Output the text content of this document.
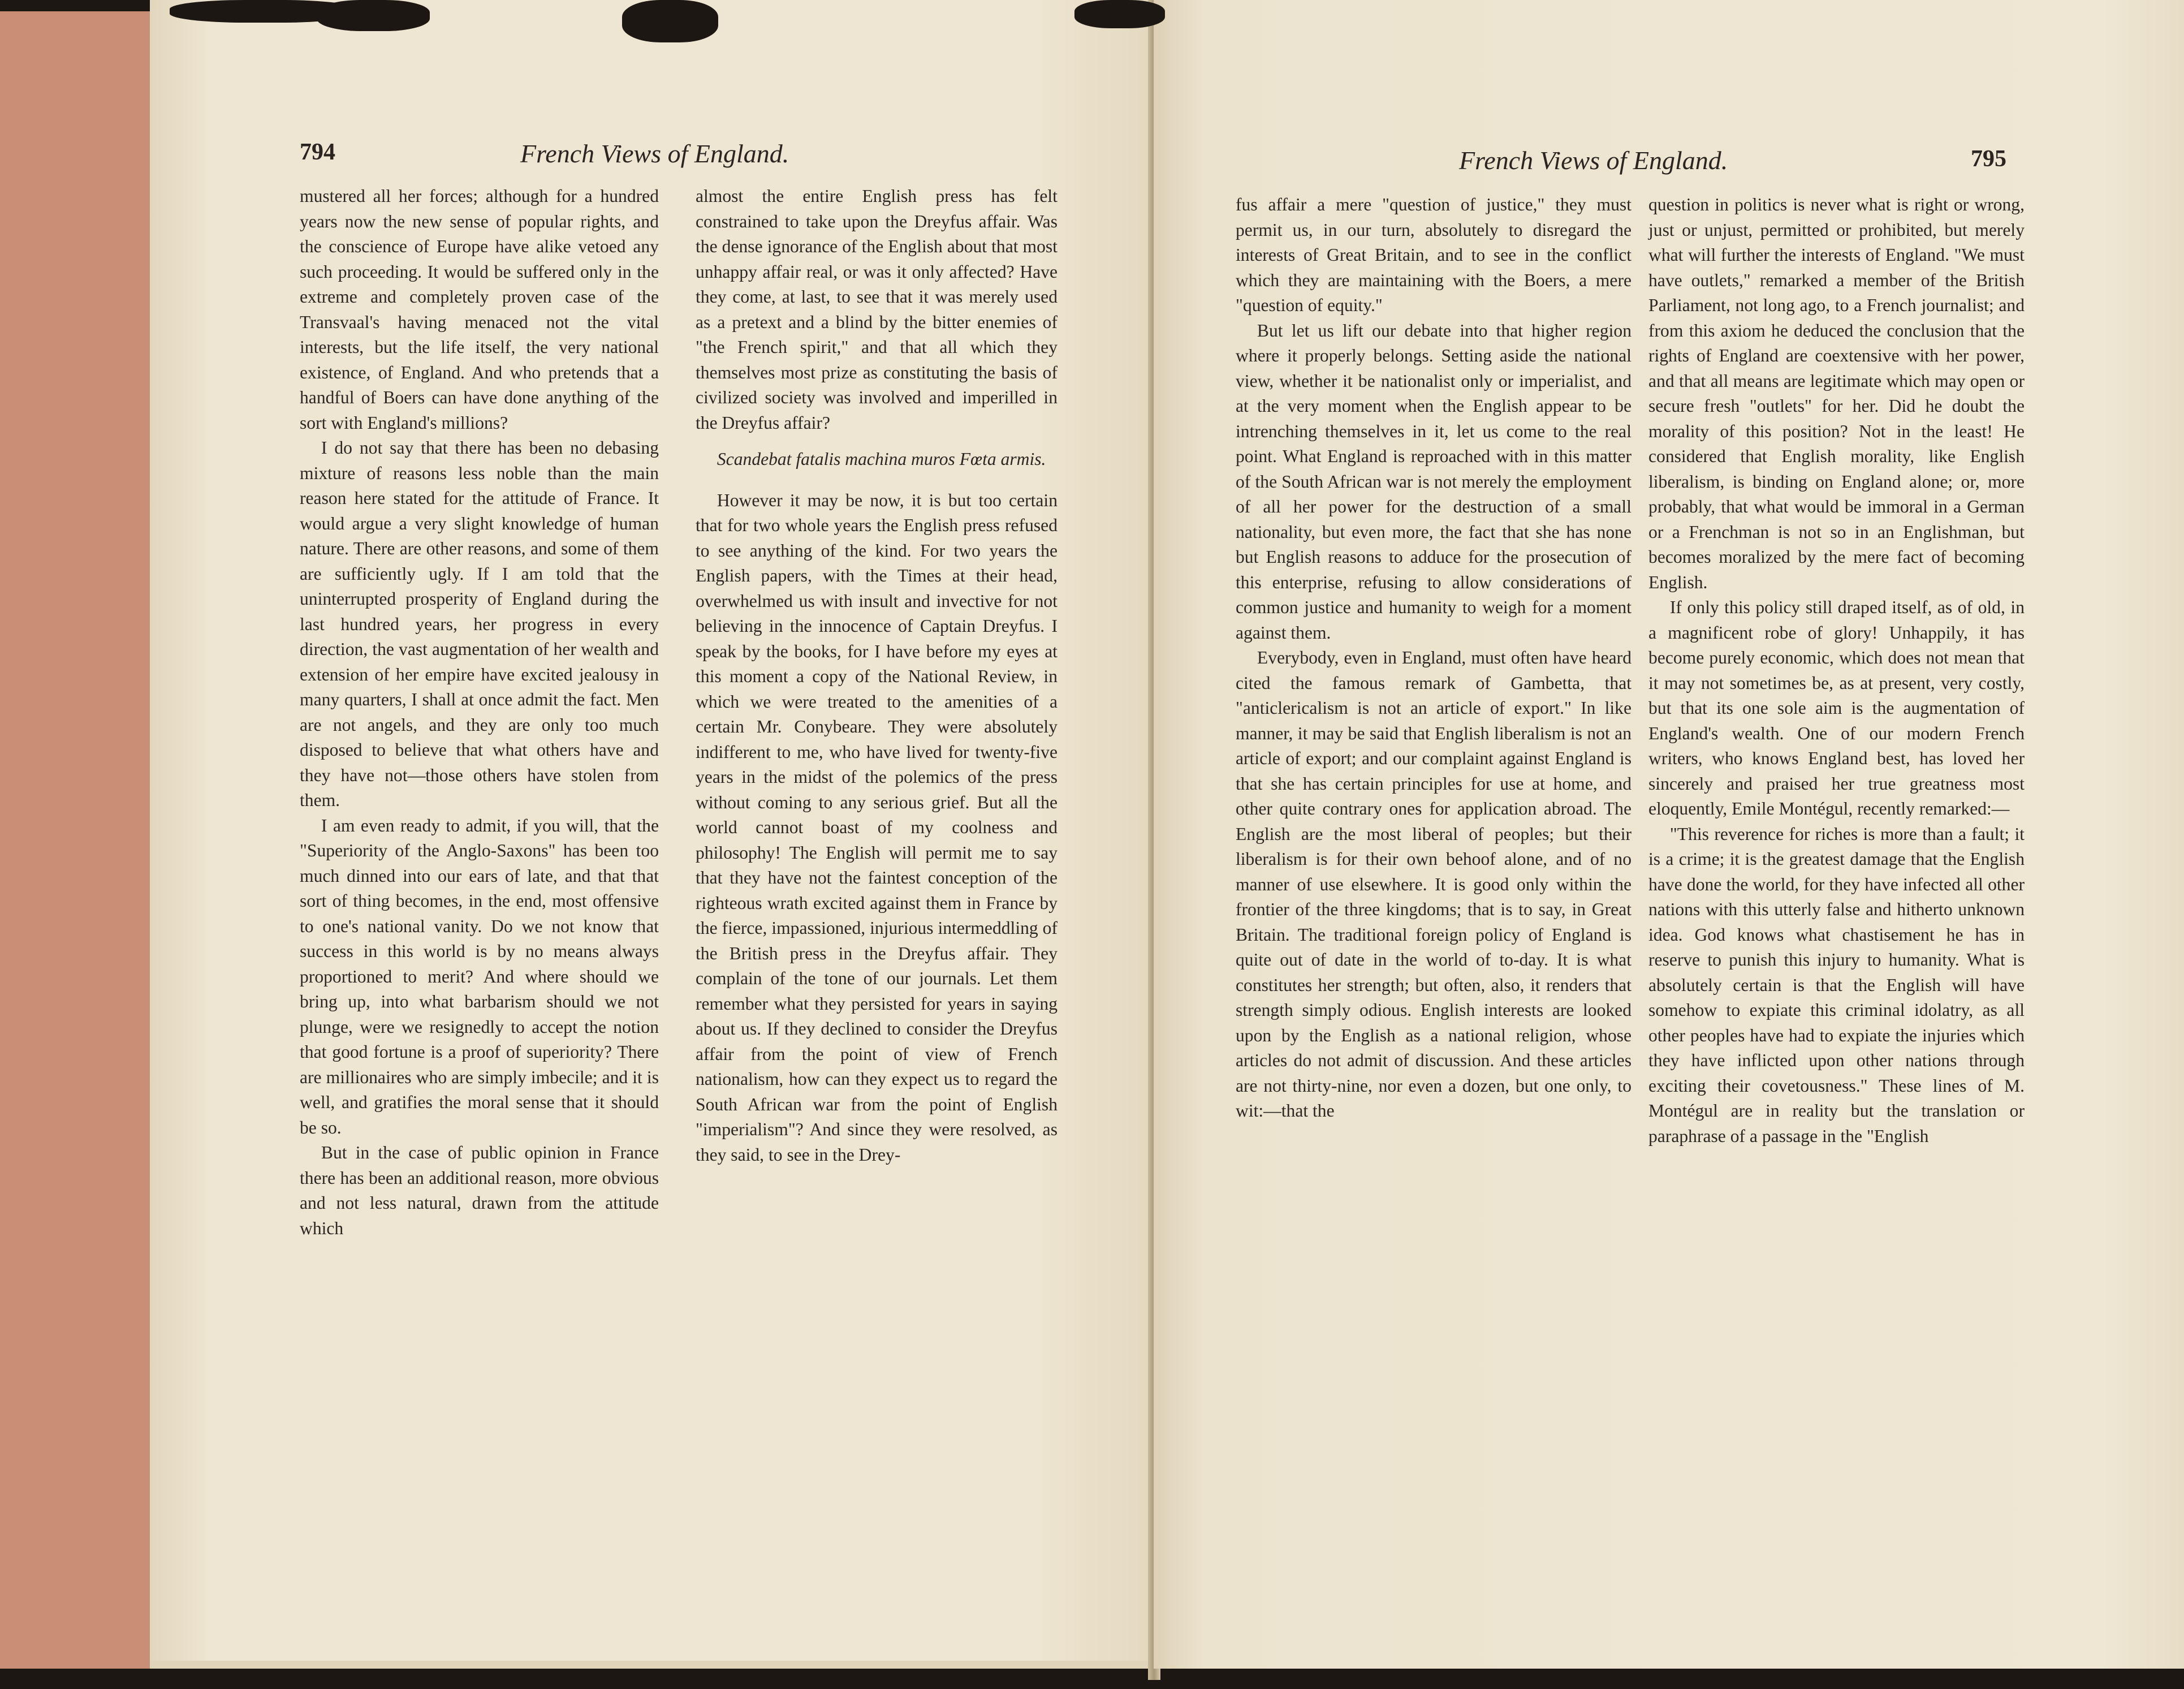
794	French Views of England.

mustered all her forces; although for a hundred years now the new sense of popular rights, and the conscience of Europe have alike vetoed any such proceeding. It would be suffered only in the extreme and completely proven case of the Transvaal's having menaced not the vital interests, but the life itself, the very national existence, of England. And who pretends that a handful of Boers can have done anything of the sort with England's millions?

I do not say that there has been no debasing mixture of reasons less noble than the main reason here stated for the attitude of France. It would argue a very slight knowledge of human nature. There are other reasons, and some of them are sufficiently ugly. If I am told that the uninterrupted prosperity of England during the last hundred years, her progress in every direction, the vast augmentation of her wealth and extension of her empire have excited jealousy in many quarters, I shall at once admit the fact. Men are not angels, and they are only too much disposed to believe that what others have and they have not—those others have stolen from them.

I am even ready to admit, if you will, that the "Superiority of the Anglo-Saxons" has been too much dinned into our ears of late, and that that sort of thing becomes, in the end, most offensive to one's national vanity. Do we not know that success in this world is by no means always proportioned to merit? And where should we bring up, into what barbarism should we not plunge, were we resignedly to accept the notion that good fortune is a proof of superiority? There are millionaires who are simply imbecile; and it is well, and gratifies the moral sense that it should be so.

But in the case of public opinion in France there has been an additional reason, more obvious and not less natural, drawn from the attitude which

almost the entire English press has felt constrained to take upon the Dreyfus affair. Was the dense ignorance of the English about that most unhappy affair real, or was it only affected? Have they come, at last, to see that it was merely used as a pretext and a blind by the bitter enemies of "the French spirit," and that all which they themselves most prize as constituting the basis of civilized society was involved and imperilled in the Dreyfus affair?

Scandebat fatalis machina muros Fœta armis.

However it may be now, it is but too certain that for two whole years the English press refused to see anything of the kind. For two years the English papers, with the Times at their head, overwhelmed us with insult and invective for not believing in the innocence of Captain Dreyfus. I speak by the books, for I have before my eyes at this moment a copy of the National Review, in which we were treated to the amenities of a certain Mr. Conybeare. They were absolutely indifferent to me, who have lived for twenty-five years in the midst of the polemics of the press without coming to any serious grief. But all the world cannot boast of my coolness and philosophy! The English will permit me to say that they have not the faintest conception of the righteous wrath excited against them in France by the fierce, impassioned, injurious intermeddling of the British press in the Dreyfus affair. They complain of the tone of our journals. Let them remember what they persisted for years in saying about us. If they declined to consider the Dreyfus affair from the point of view of French nationalism, how can they expect us to regard the South African war from the point of English "imperialism"? And since they were resolved, as they said, to see in the Drey-

French Views of England.	795

fus affair a mere "question of justice," they must permit us, in our turn, absolutely to disregard the interests of Great Britain, and to see in the conflict which they are maintaining with the Boers, a mere "question of equity."

But let us lift our debate into that higher region where it properly belongs. Setting aside the national view, whether it be nationalist only or imperialist, and at the very moment when the English appear to be intrenching themselves in it, let us come to the real point. What England is reproached with in this matter of the South African war is not merely the employment of all her power for the destruction of a small nationality, but even more, the fact that she has none but English reasons to adduce for the prosecution of this enterprise, refusing to allow considerations of common justice and humanity to weigh for a moment against them.

Everybody, even in England, must often have heard cited the famous remark of Gambetta, that "anticlericalism is not an article of export." In like manner, it may be said that English liberalism is not an article of export; and our complaint against England is that she has certain principles for use at home, and other quite contrary ones for application abroad. The English are the most liberal of peoples; but their liberalism is for their own behoof alone, and of no manner of use elsewhere. It is good only within the frontier of the three kingdoms; that is to say, in Great Britain. The traditional foreign policy of England is quite out of date in the world of to-day. It is what constitutes her strength; but often, also, it renders that strength simply odious. English interests are looked upon by the English as a national religion, whose articles do not admit of discussion. And these articles are not thirty-nine, nor even a dozen, but one only, to wit:—that the

question in politics is never what is right or wrong, just or unjust, permitted or prohibited, but merely what will further the interests of England. "We must have outlets," remarked a member of the British Parliament, not long ago, to a French journalist; and from this axiom he deduced the conclusion that the rights of England are coextensive with her power, and that all means are legitimate which may open or secure fresh "outlets" for her. Did he doubt the morality of this position? Not in the least! He considered that English morality, like English liberalism, is binding on England alone; or, more probably, that what would be immoral in a German or a Frenchman is not so in an Englishman, but becomes moralized by the mere fact of becoming English.

If only this policy still draped itself, as of old, in a magnificent robe of glory! Unhappily, it has become purely economic, which does not mean that it may not sometimes be, as at present, very costly, but that its one sole aim is the augmentation of England's wealth. One of our modern French writers, who knows England best, has loved her sincerely and praised her true greatness most eloquently, Emile Montégul, recently remarked:—

"This reverence for riches is more than a fault; it is a crime; it is the greatest damage that the English have done the world, for they have infected all other nations with this utterly false and hitherto unknown idea. God knows what chastisement he has in reserve to punish this injury to humanity. What is absolutely certain is that the English will have somehow to expiate this criminal idolatry, as all other peoples have had to expiate the injuries which they have inflicted upon other nations through exciting their covetousness." These lines of M. Montégul are in reality but the translation or paraphrase of a passage in the "English
